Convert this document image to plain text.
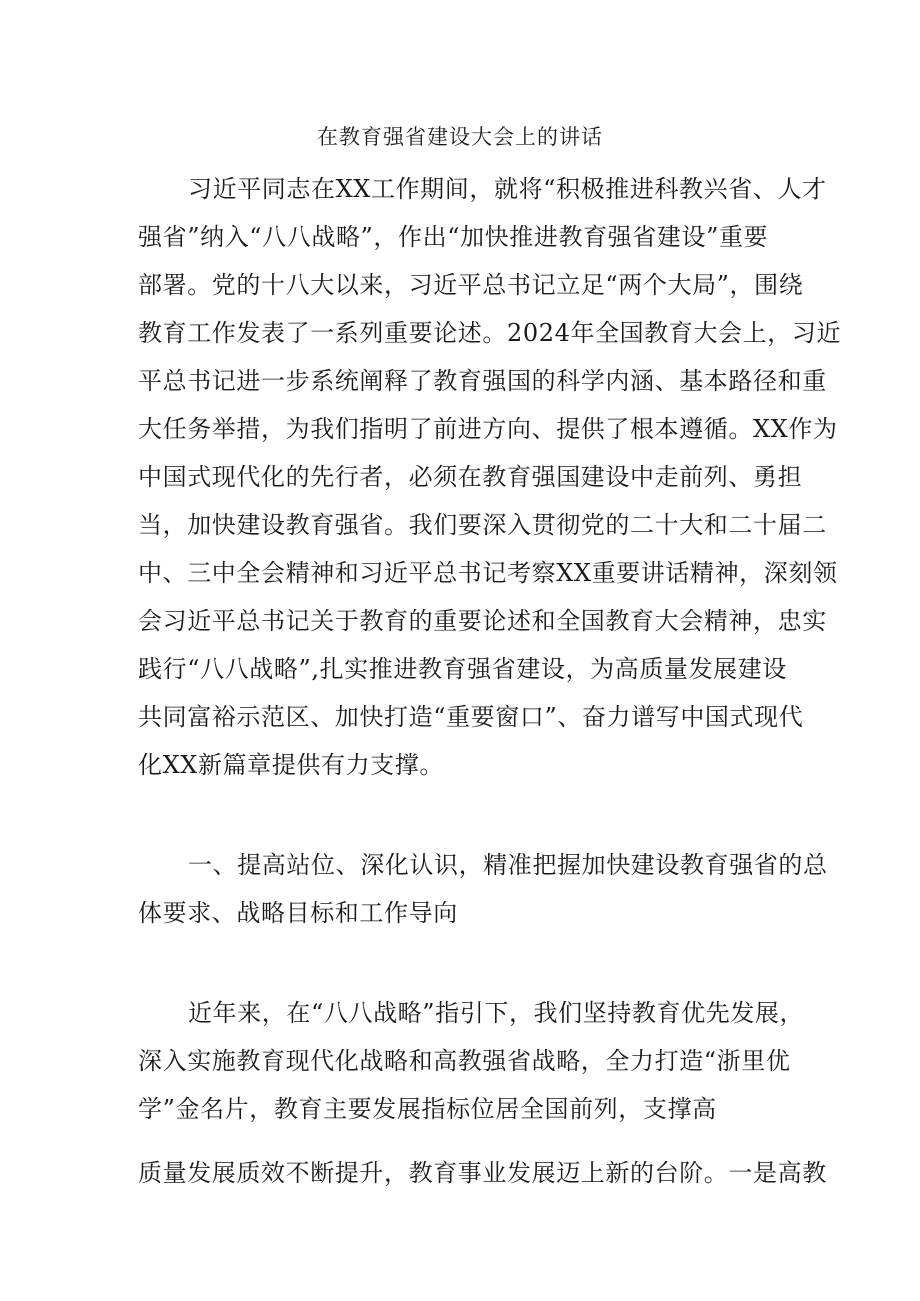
在教育强省建设大会上的讲话
习近平同志在XX工作期间，就将“积极推进科教兴省、人才
强省”纳入“八八战略”，作出“加快推进教育强省建设”重要
部署。党的十八大以来，习近平总书记立足“两个大局”，围绕
教育工作发表了一系列重要论述。2024年全国教育大会上，习近
平总书记进一步系统阐释了教育强国的科学内涵、基本路径和重
大任务举措，为我们指明了前进方向、提供了根本遵循。XX作为
中国式现代化的先行者，必须在教育强国建设中走前列、勇担
当，加快建设教育强省。我们要深入贯彻党的二十大和二十届二
中、三中全会精神和习近平总书记考察XX重要讲话精神，深刻领
会习近平总书记关于教育的重要论述和全国教育大会精神，忠实
践行“八八战略”,扎实推进教育强省建设，为高质量发展建设
共同富裕示范区、加快打造“重要窗口”、奋力谱写中国式现代
化XX新篇章提供有力支撑。
一、提高站位、深化认识，精准把握加快建设教育强省的总
体要求、战略目标和工作导向
近年来，在“八八战略”指引下，我们坚持教育优先发展，
深入实施教育现代化战略和高教强省战略，全力打造“浙里优
学”金名片，教育主要发展指标位居全国前列，支撑高
质量发展质效不断提升，教育事业发展迈上新的台阶。一是高教
